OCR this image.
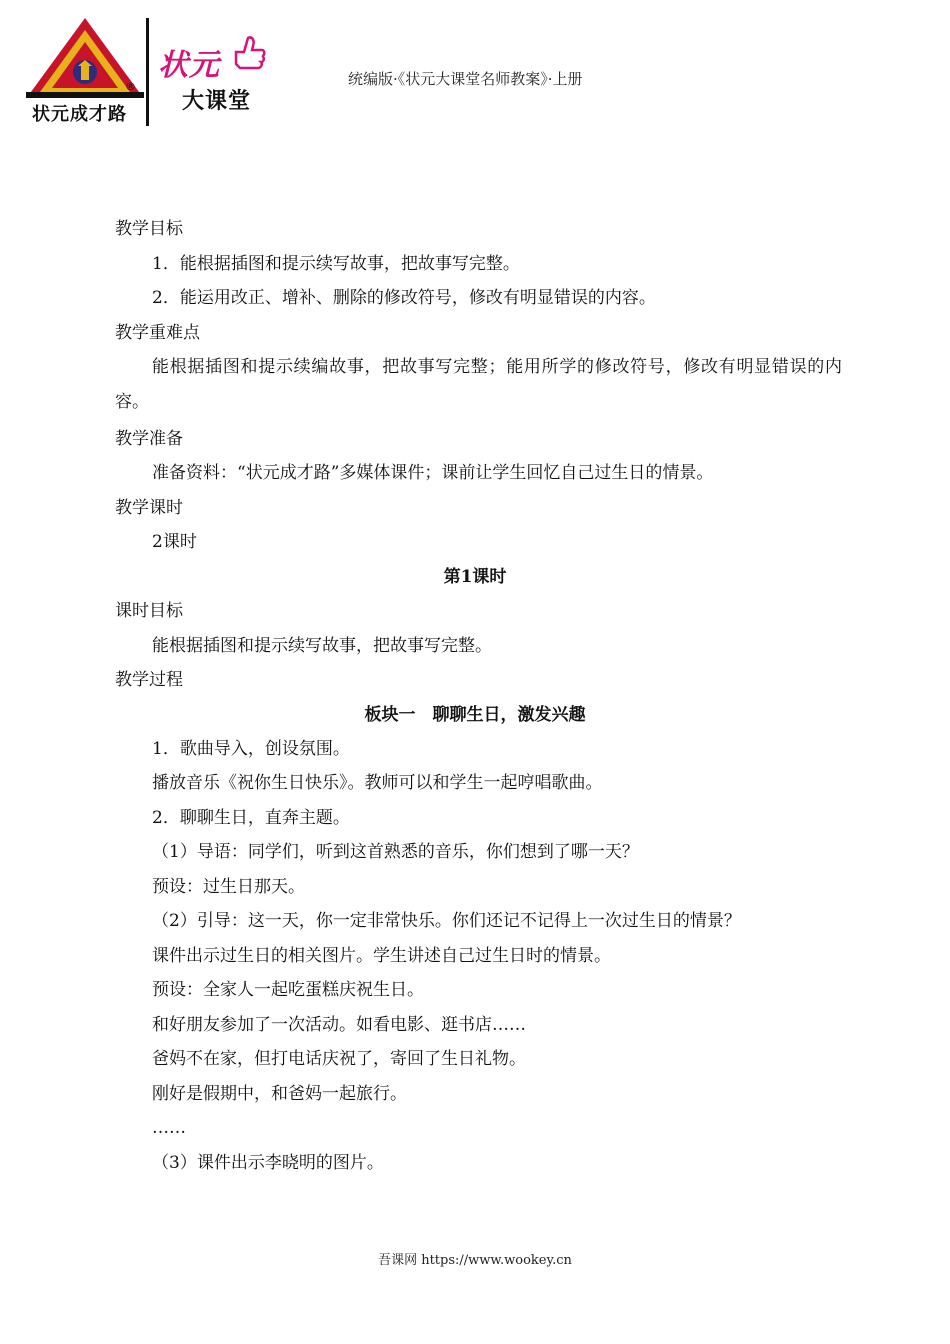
状元成才路
®
状元
大课堂
统编版·《状元大课堂名师教案》·上册
教学目标
1．能根据插图和提示续写故事，把故事写完整。
2．能运用改正、增补、删除的修改符号，修改有明显错误的内容。
教学重难点
能根据插图和提示续编故事，把故事写完整；能用所学的修改符号，修改有明显错误的内容。
教学准备
准备资料：“状元成才路”多媒体课件；课前让学生回忆自己过生日的情景。
教学课时
2课时
第1课时
课时目标
能根据插图和提示续写故事，把故事写完整。
教学过程
板块一　聊聊生日，激发兴趣
1．歌曲导入，创设氛围。
播放音乐《祝你生日快乐》。教师可以和学生一起哼唱歌曲。
2．聊聊生日，直奔主题。
（1）导语：同学们，听到这首熟悉的音乐，你们想到了哪一天？
预设：过生日那天。
（2）引导：这一天，你一定非常快乐。你们还记不记得上一次过生日的情景？
课件出示过生日的相关图片。学生讲述自己过生日时的情景。
预设：全家人一起吃蛋糕庆祝生日。
和好朋友参加了一次活动。如看电影、逛书店……
爸妈不在家，但打电话庆祝了，寄回了生日礼物。
刚好是假期中，和爸妈一起旅行。
……
（3）课件出示李晓明的图片。
吾课网 https://www.wookey.cn
